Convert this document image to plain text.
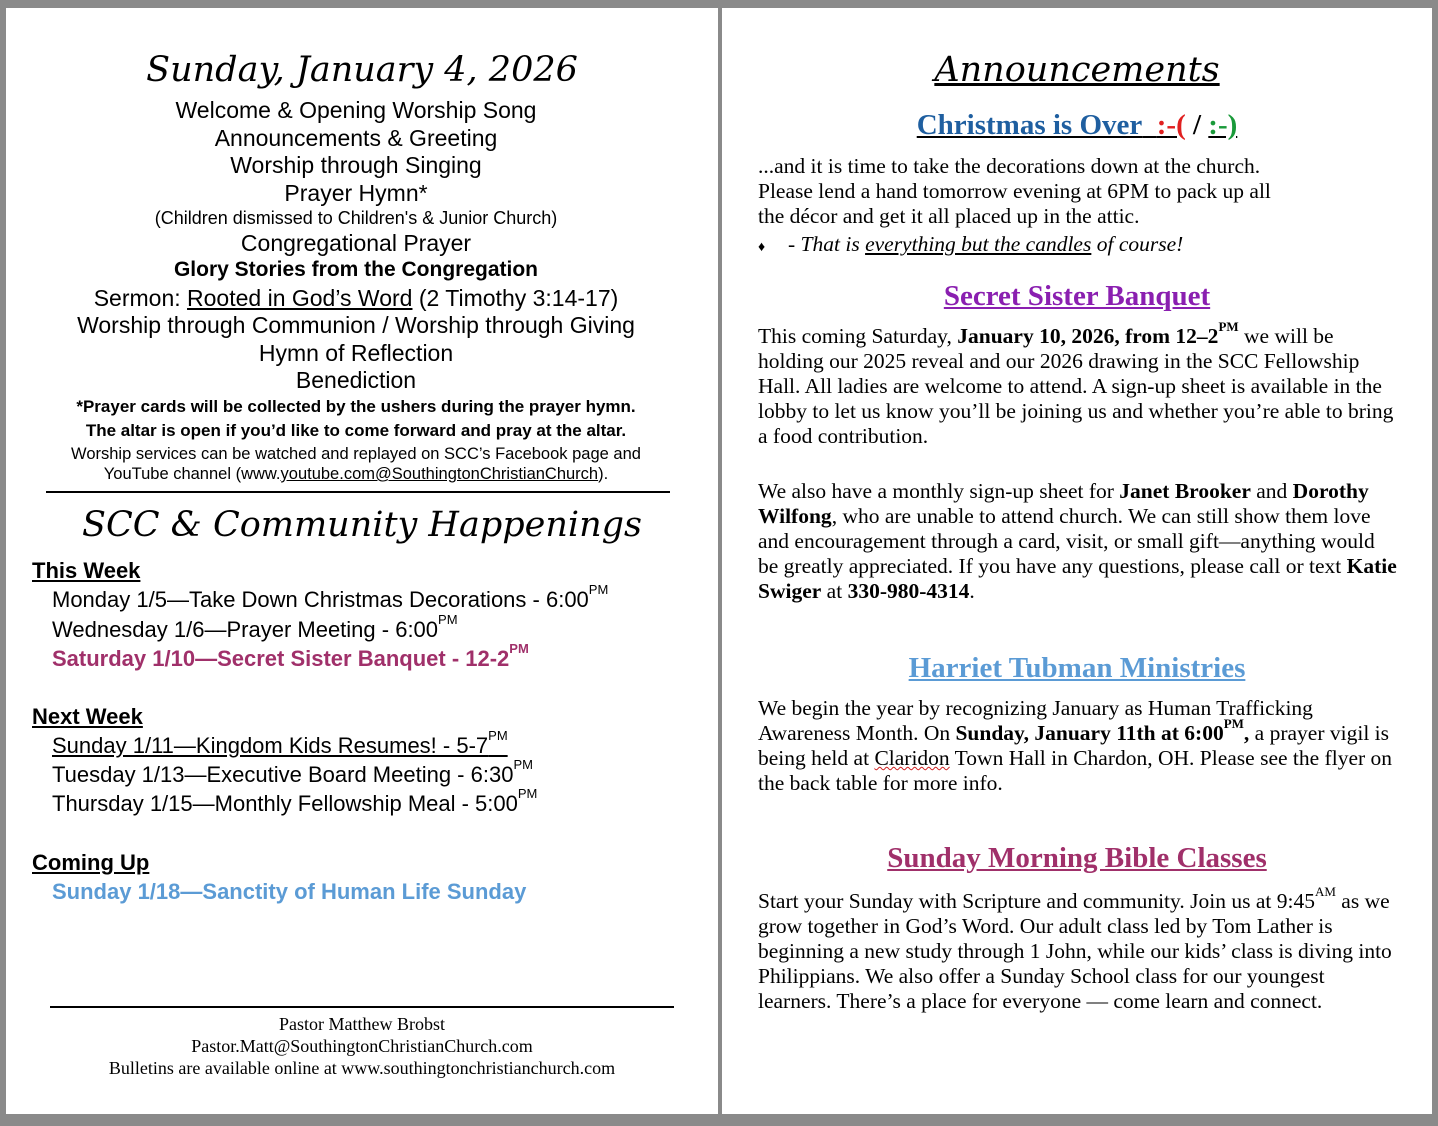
Sunday, January 4, 2026
Welcome & Opening Worship Song
Announcements & Greeting
Worship through Singing
Prayer Hymn*
(Children dismissed to Children's & Junior Church)
Congregational Prayer
Glory Stories from the Congregation
Sermon: Rooted in God’s Word (2 Timothy 3:14-17)
Worship through Communion / Worship through Giving
Hymn of Reflection
Benediction
*Prayer cards will be collected by the ushers during the prayer hymn.
The altar is open if you’d like to come forward and pray at the altar.
Worship services can be watched and replayed on SCC’s Facebook page and
YouTube channel (www.youtube.com@SouthingtonChristianChurch).
SCC & Community Happenings
This Week
Monday 1/5—Take Down Christmas Decorations - $6:00^{PM}$
Wednesday 1/6—Prayer Meeting - $6:00^{PM}$
Saturday 1/10—Secret Sister Banquet - $12-2^{PM}$
Next Week
Sunday 1/11—Kingdom Kids Resumes! - $5-7^{PM}$
Tuesday 1/13—Executive Board Meeting - $6:30^{PM}$
Thursday 1/15—Monthly Fellowship Meal - $5:00^{PM}$
Coming Up
Sunday 1/18—Sanctity of Human Life Sunday
Pastor Matthew Brobst
Pastor.Matt@SouthingtonChristianChurch.com
Bulletins are available online at www.southingtonchristianchurch.com
Announcements
Christmas is Over :-( / :-)
...and it is time to take the decorations down at the church.
Please lend a hand tomorrow evening at 6PM to pack up all
the décor and get it all placed up in the attic.
♦ - That is everything but the candles of course!
Secret Sister Banquet
This coming Saturday, January 10, 2026, from $12-2^{PM}$ we will be holding our 2025 reveal and our 2026 drawing in the SCC Fellowship Hall. All ladies are welcome to attend. A sign-up sheet is available in the lobby to let us know you’ll be joining us and whether you’re able to bring a food contribution.
We also have a monthly sign-up sheet for Janet Brooker and Dorothy Wilfong, who are unable to attend church. We can still show them love and encouragement through a card, visit, or small gift—anything would be greatly appreciated. If you have any questions, please call or text Katie Swiger at 330-980-4314.
Harriet Tubman Ministries
We begin the year by recognizing January as Human Trafficking Awareness Month. On Sunday, January 11th at $6:00^{PM}$, a prayer vigil is being held at Claridon Town Hall in Chardon, OH. Please see the flyer on the back table for more info.
Sunday Morning Bible Classes
Start your Sunday with Scripture and community. Join us at $9:45^{AM}$ as we grow together in God’s Word. Our adult class led by Tom Lather is beginning a new study through 1 John, while our kids’ class is diving into Philippians. We also offer a Sunday School class for our youngest learners. There’s a place for everyone — come learn and connect.
